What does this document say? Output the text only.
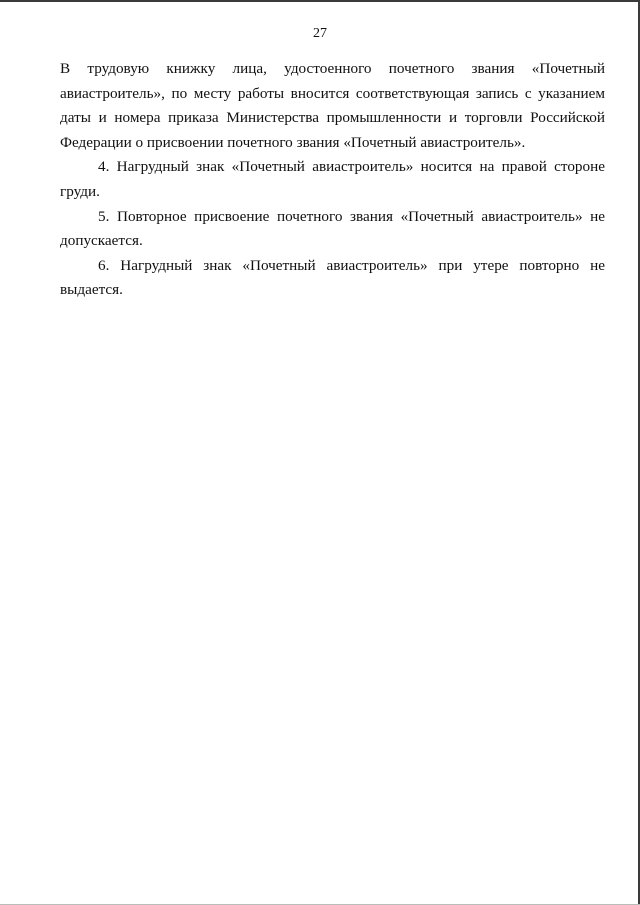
27

В трудовую книжку лица, удостоенного почетного звания «Почетный авиастроитель», по месту работы вносится соответствующая запись с указанием даты и номера приказа Министерства промышленности и торговли Российской Федерации о присвоении почетного звания «Почетный авиастроитель».

4. Нагрудный знак «Почетный авиастроитель» носится на правой стороне груди.

5. Повторное присвоение почетного звания «Почетный авиастроитель» не допускается.

6. Нагрудный знак «Почетный авиастроитель» при утере повторно не выдается.
